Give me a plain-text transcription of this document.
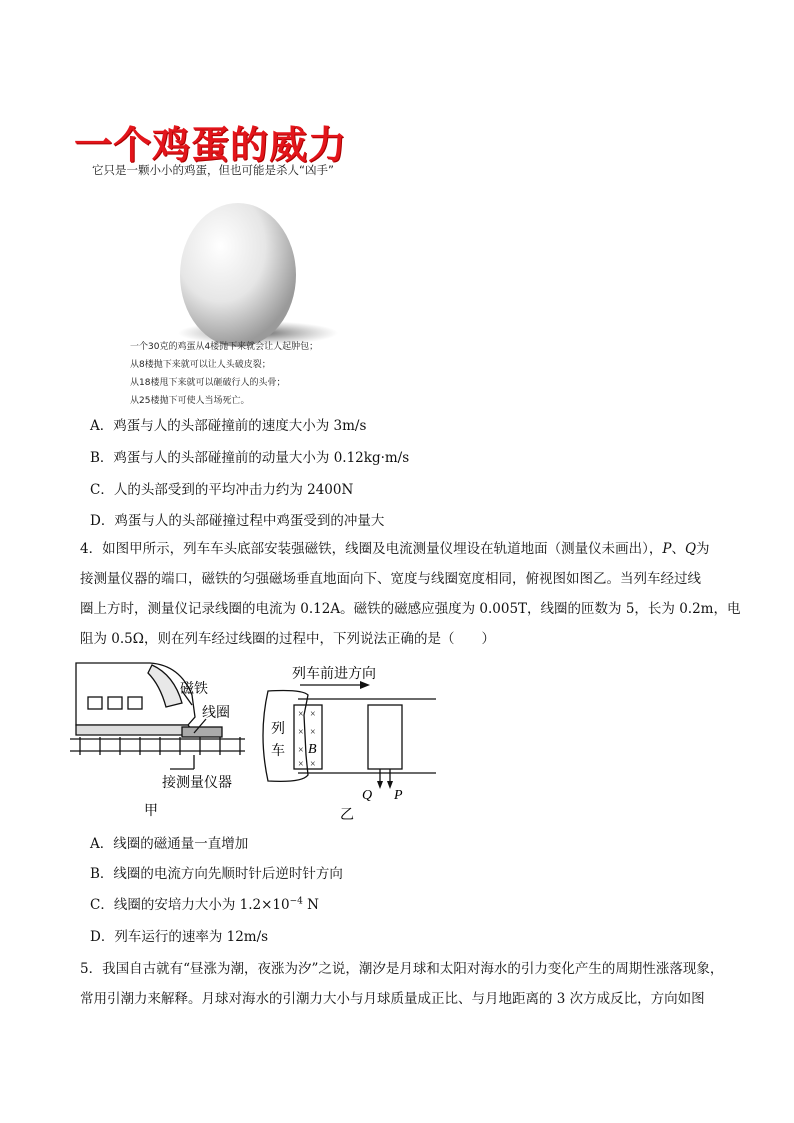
一个鸡蛋的威力
它只是一颗小小的鸡蛋，但也可能是杀人“凶手”
一个30克的鸡蛋从4楼抛下来就会让人起肿包；
从8楼抛下来就可以让人头破皮裂；
从18楼甩下来就可以砸破行人的头骨；
从25楼抛下可使人当场死亡。
A．鸡蛋与人的头部碰撞前的速度大小为 3m/s
B．鸡蛋与人的头部碰撞前的动量大小为 0.12kg·m/s
C．人的头部受到的平均冲击力约为 2400N
D．鸡蛋与人的头部碰撞过程中鸡蛋受到的冲量大
4．如图甲所示，列车车头底部安装强磁铁，线圈及电流测量仪埋设在轨道地面（测量仪未画出），P、Q为
接测量仪器的端口，磁铁的匀强磁场垂直地面向下、宽度与线圈宽度相同，俯视图如图乙。当列车经过线
圈上方时，测量仪记录线圈的电流为 0.12A。磁铁的磁感应强度为 0.005T，线圈的匝数为 5，长为 0.2m，电
阻为 0.5Ω，则在列车经过线圈的过程中，下列说法正确的是（　　）
磁铁
线圈
接测量仪器
甲
列车前进方向
列
车
× ×
× ×
×
× ×
B
Q P
乙
A．线圈的磁通量一直增加
B．线圈的电流方向先顺时针后逆时针方向
C．线圈的安培力大小为 $1.2\times 10^{-4}$ N
D．列车运行的速率为 12m/s
5．我国自古就有“昼涨为潮，夜涨为汐”之说，潮汐是月球和太阳对海水的引力变化产生的周期性涨落现象，
常用引潮力来解释。月球对海水的引潮力大小与月球质量成正比、与月地距离的 3 次方成反比，方向如图
